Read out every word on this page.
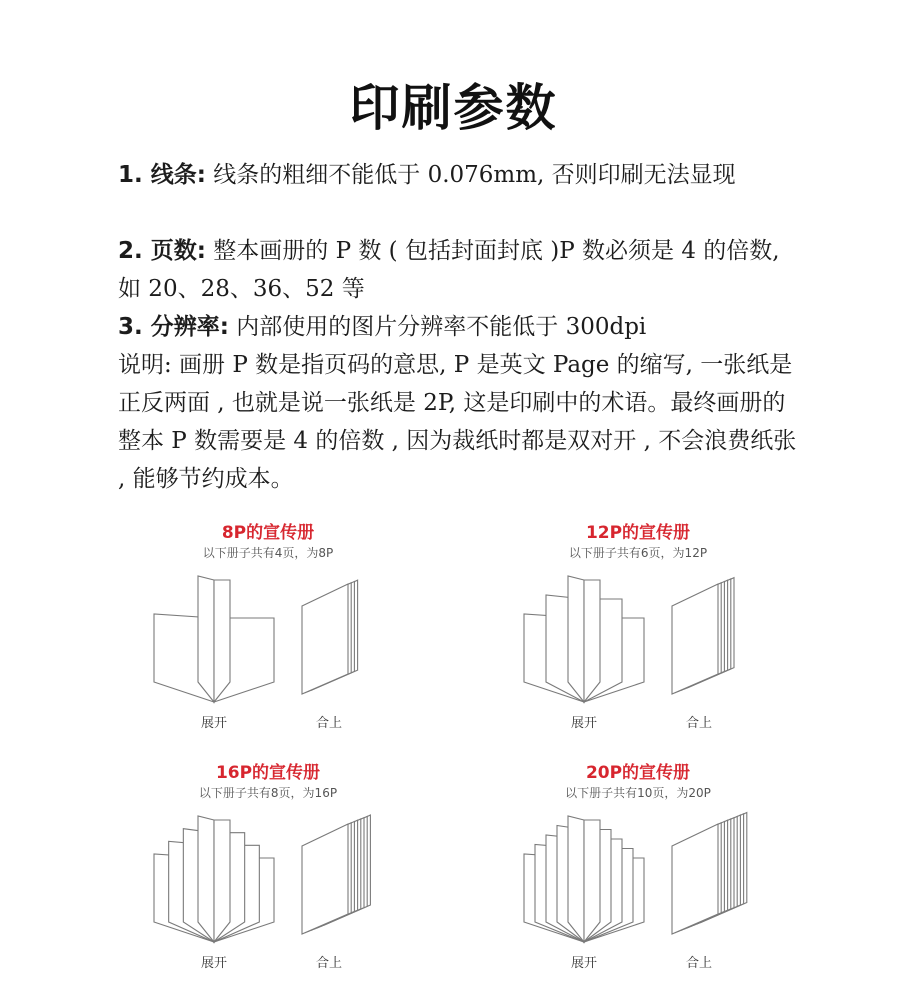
印刷参数
1. 线条: 线条的粗细不能低于 0.076mm, 否则印刷无法显现
2. 页数: 整本画册的 P 数 ( 包括封面封底 )P 数必须是 4 的倍数, 如 20、28、36、52 等
3. 分辨率: 内部使用的图片分辨率不能低于 300dpi
说明: 画册 P 数是指页码的意思, P 是英文 Page 的缩写, 一张纸是正反两面 , 也就是说一张纸是 2P, 这是印刷中的术语。最终画册的整本 P 数需要是 4 的倍数 , 因为裁纸时都是双对开 , 不会浪费纸张 , 能够节约成本。
8P的宣传册
以下册子共有4页，为8P
展开	合上
12P的宣传册
以下册子共有6页，为12P
展开	合上
16P的宣传册
以下册子共有8页，为16P
展开	合上
20P的宣传册
以下册子共有10页，为20P
展开	合上
